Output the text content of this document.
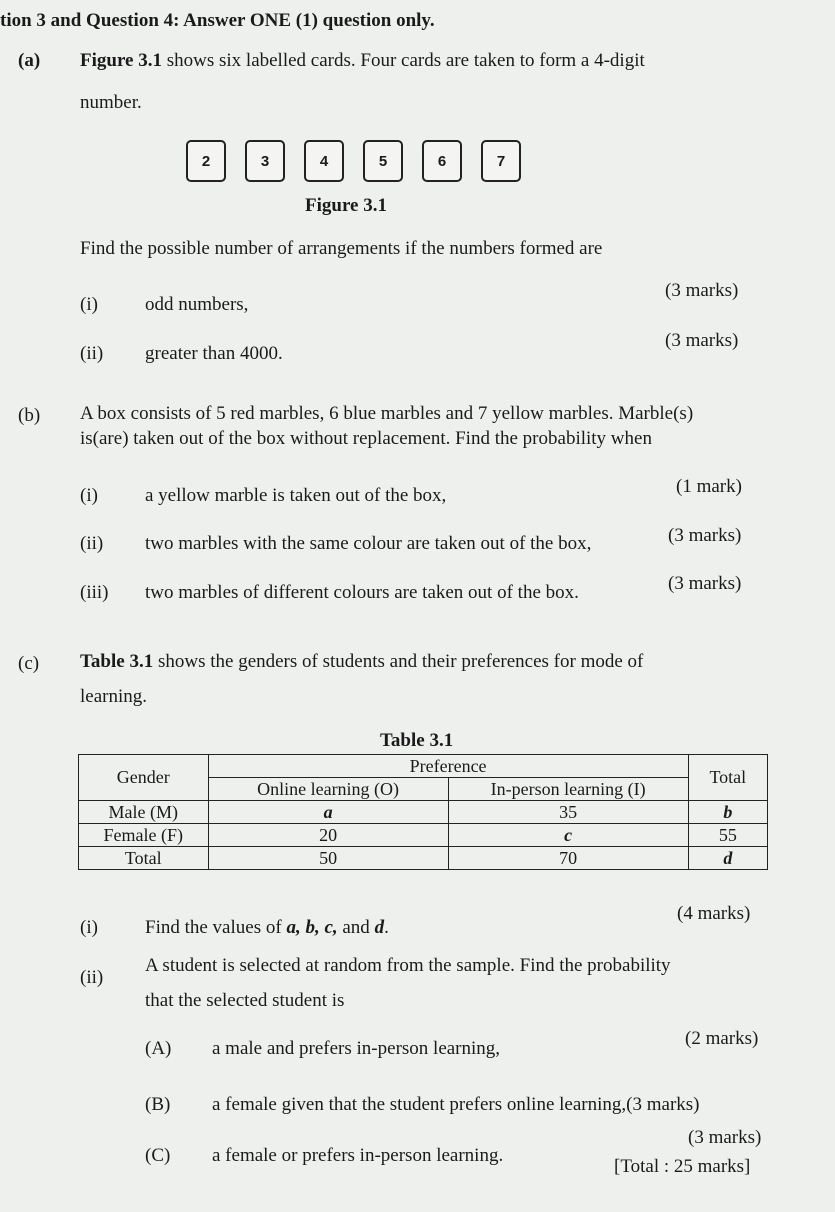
tion 3 and Question 4: Answer ONE (1) question only.
(a) Figure 3.1 shows six labelled cards. Four cards are taken to form a 4-digit
number.
2	3	4	5	6	7
Figure 3.1
Find the possible number of arrangements if the numbers formed are
(i) odd numbers,
(3 marks)
(ii) greater than 4000.
(3 marks)
(b) A box consists of 5 red marbles, 6 blue marbles and 7 yellow marbles. Marble(s)
is(are) taken out of the box without replacement. Find the probability when
(i) a yellow marble is taken out of the box,	(1 mark)
(ii) two marbles with the same colour are taken out of the box,	(3 marks)
(iii) two marbles of different colours are taken out of the box.	(3 marks)
(c) Table 3.1 shows the genders of students and their preferences for mode of
learning.
Table 3.1
Gender	Preference		Total
	Online learning (O)	In-person learning (I)	
Male (M)	a	35	b
Female (F)	20	c	55
Total	50	70	d
(i) Find the values of a, b, c, and d.
(4 marks)
(ii)
A student is selected at random from the sample. Find the probability
that the selected student is
(A) a male and prefers in-person learning,	(2 marks)
(B) a female given that the student prefers online learning,(3 marks)
(C) a female or prefers in-person learning.
(3 marks)
[Total : 25 marks]
